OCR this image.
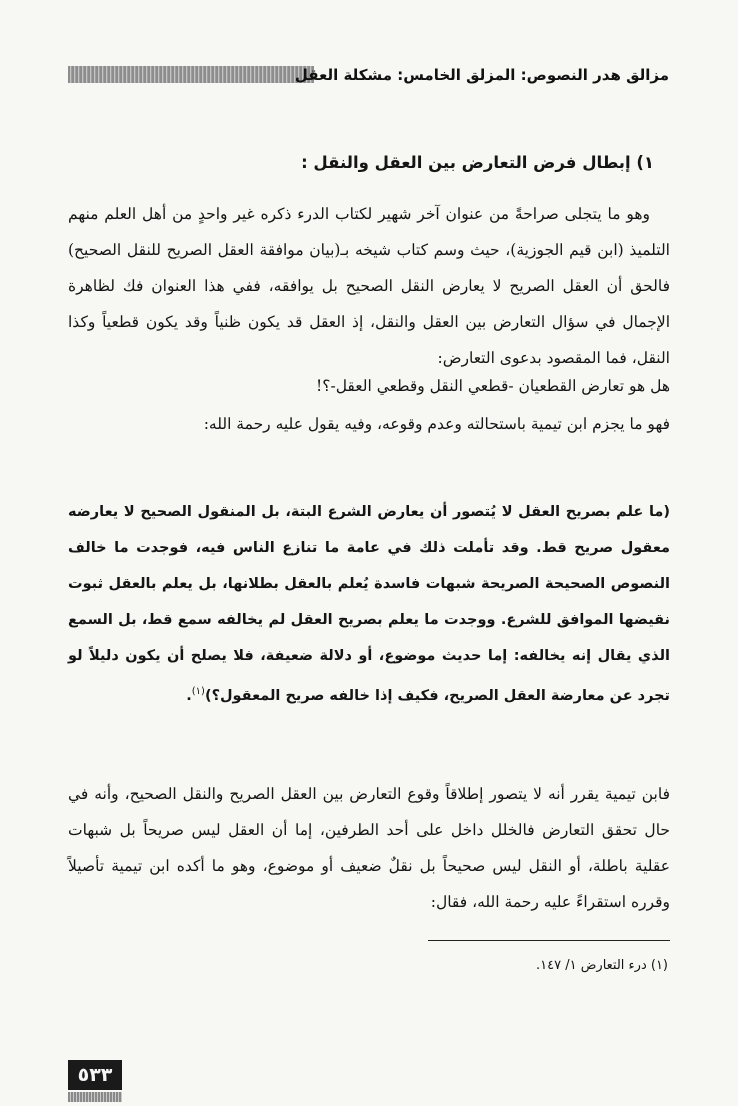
مزالق هدر النصوص: المزلق الخامس: مشكلة العقل
١) إبطال فرض التعارض بين العقل والنقل :
وهو ما يتجلى صراحةً من عنوان آخر شهير لكتاب الدرء ذكره غير واحدٍ من أهل العلم منهم التلميذ (ابن قيم الجوزية)، حيث وسم كتاب شيخه بـ(بيان موافقة العقل الصريح للنقل الصحيح) فالحق أن العقل الصريح لا يعارض النقل الصحيح بل يوافقه، ففي هذا العنوان فك لظاهرة الإجمال في سؤال التعارض بين العقل والنقل، إذ العقل قد يكون ظنياً وقد يكون قطعياً وكذا النقل، فما المقصود بدعوى التعارض:
هل هو تعارض القطعيان -قطعي النقل وقطعي العقل-؟!
فهو ما يجزم ابن تيمية باستحالته وعدم وقوعه، وفيه يقول عليه رحمة الله:
(ما علم بصريح العقل لا يُتصور أن يعارض الشرع البتة، بل المنقول الصحيح لا يعارضه معقول صريح قط. وقد تأملت ذلك في عامة ما تنازع الناس فيه، فوجدت ما خالف النصوص الصحيحة الصريحة شبهات فاسدة يُعلم بالعقل بطلانها، بل يعلم بالعقل ثبوت نقيضها الموافق للشرع. ووجدت ما يعلم بصريح العقل لم يخالفه سمع قط، بل السمع الذي يقال إنه يخالفه: إما حديث موضوع، أو دلالة ضعيفة، فلا يصلح أن يكون دليلاً لو تجرد عن معارضة العقل الصريح، فكيف إذا خالفه صريح المعقول؟)$^{(١)}$.
فابن تيمية يقرر أنه لا يتصور إطلاقاً وقوع التعارض بين العقل الصريح والنقل الصحيح، وأنه في حال تحقق التعارض فالخلل داخل على أحد الطرفين، إما أن العقل ليس صريحاً بل شبهات عقلية باطلة، أو النقل ليس صحيحاً بل نقلٌ ضعيف أو موضوع، وهو ما أكده ابن تيمية تأصيلاً وقرره استقراءً عليه رحمة الله، فقال:
(١) درء التعارض ١/ ١٤٧.
٥٣٣
